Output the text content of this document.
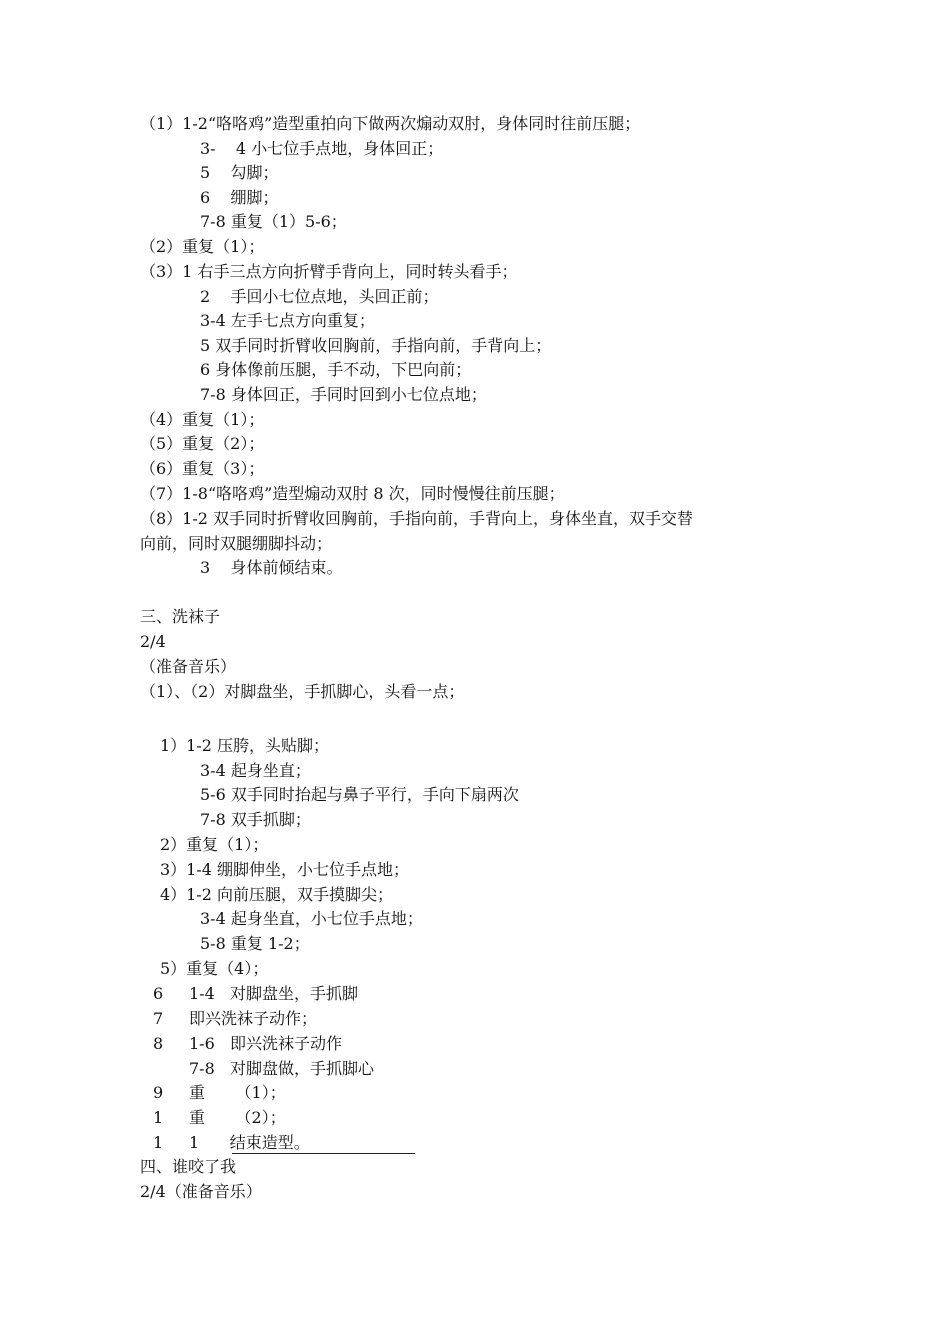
（1）1-2“咯咯鸡”造型重拍向下做两次煽动双肘，身体同时往前压腿；
3-    4 小七位手点地，身体回正；
5    勾脚；
6    绷脚；
7-8 重复（1）5-6；
（2）重复（1）；
（3）1 右手三点方向折臂手背向上，同时转头看手；
2    手回小七位点地，头回正前；
3-4 左手七点方向重复；
5 双手同时折臂收回胸前，手指向前，手背向上；
6 身体像前压腿，手不动，下巴向前；
7-8 身体回正，手同时回到小七位点地；
（4）重复（1）；
（5）重复（2）；
（6）重复（3）；
（7）1-8“咯咯鸡”造型煽动双肘 8 次，同时慢慢往前压腿；
（8）1-2 双手同时折臂收回胸前，手指向前，手背向上，身体坐直，双手交替
向前，同时双腿绷脚抖动；
3    身体前倾结束。
三、洗袜子
2/4
（准备音乐）
（1）、（2）对脚盘坐，手抓脚心，头看一点；
1）1-2 压胯，头贴脚；
3-4 起身坐直；
5-6 双手同时抬起与鼻子平行，手向下扇两次
7-8 双手抓脚；
2）重复（1）；
3）1-4 绷脚伸坐，小七位手点地；
4）1-2 向前压腿，双手摸脚尖；
3-4 起身坐直，小七位手点地；
5-8 重复 1-2；
5）重复（4）；
6 1-4   对脚盘坐，手抓脚
7 即兴洗袜子动作；
8 1-6   即兴洗袜子动作
7-8   对脚盘做，手抓脚心
9 重      （1）；
1 重      （2）；
1 1      结束造型。
四、谁咬了我
2/4（准备音乐）
